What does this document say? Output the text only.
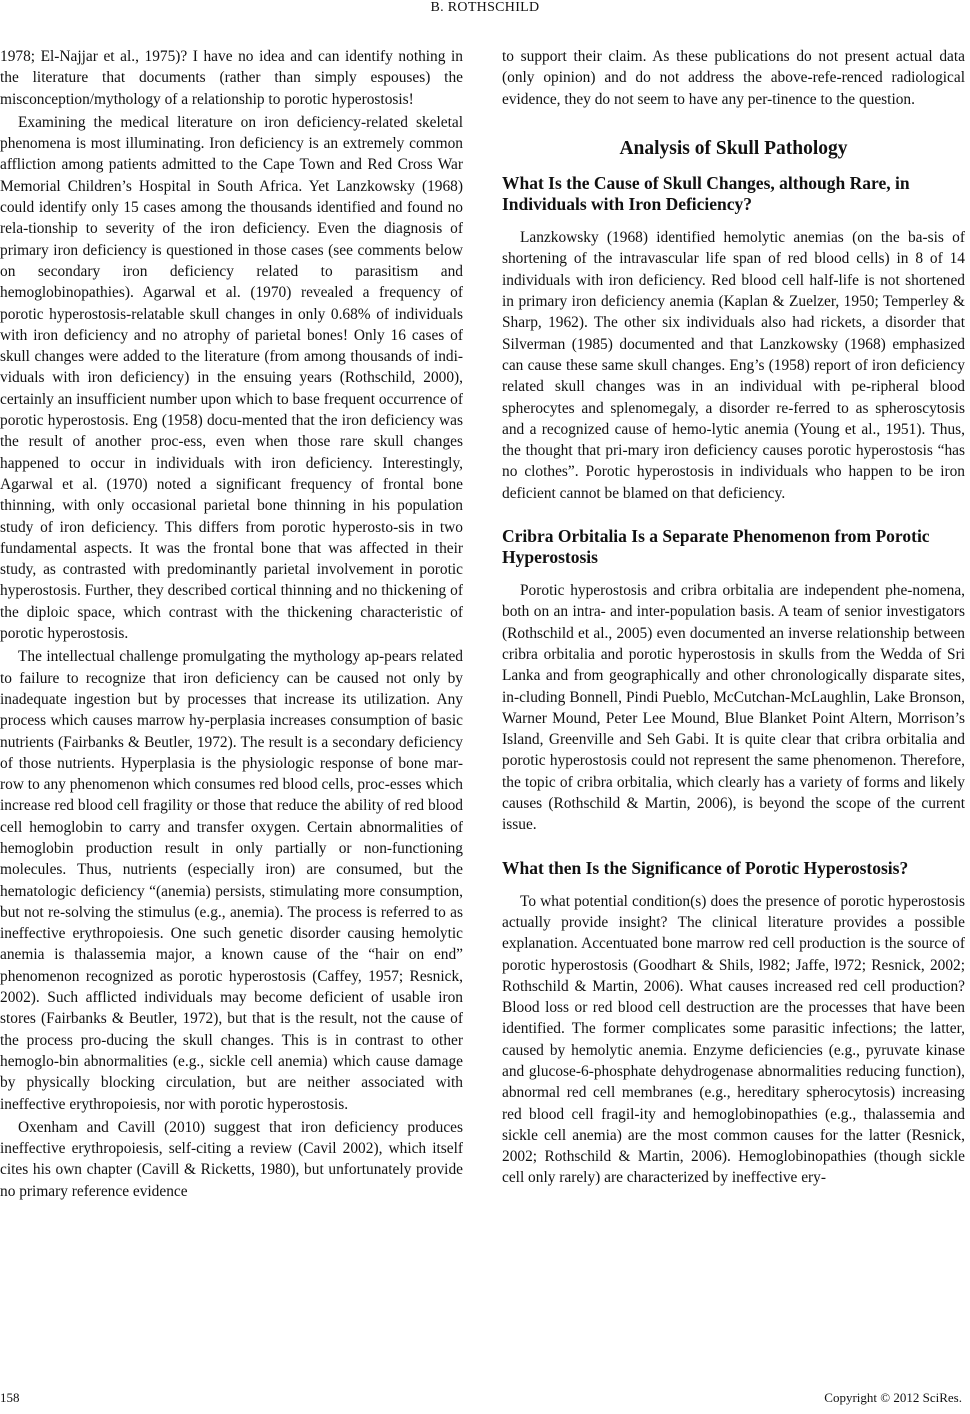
B. ROTHSCHILD

1978; El-Najjar et al., 1975)? I have no idea and can identify nothing in the literature that documents (rather than simply espouses) the misconception/mythology of a relationship to porotic hyperostosis!

Examining the medical literature on iron deficiency-related skeletal phenomena is most illuminating. Iron deficiency is an extremely common affliction among patients admitted to the Cape Town and Red Cross War Memorial Children’s Hospital in South Africa. Yet Lanzkowsky (1968) could identify only 15 cases among the thousands identified and found no rela-tionship to severity of the iron deficiency. Even the diagnosis of primary iron deficiency is questioned in those cases (see comments below on secondary iron deficiency related to parasitism and hemoglobinopathies). Agarwal et al. (1970) revealed a frequency of porotic hyperostosis-relatable skull changes in only 0.68% of individuals with iron deficiency and no atrophy of parietal bones! Only 16 cases of skull changes were added to the literature (from among thousands of indi-viduals with iron deficiency) in the ensuing years (Rothschild, 2000), certainly an insufficient number upon which to base frequent occurrence of porotic hyperostosis. Eng (1958) docu-mented that the iron deficiency was the result of another proc-ess, even when those rare skull changes happened to occur in individuals with iron deficiency. Interestingly, Agarwal et al. (1970) noted a significant frequency of frontal bone thinning, with only occasional parietal bone thinning in his population study of iron deficiency. This differs from porotic hyperosto-sis in two fundamental aspects. It was the frontal bone that was affected in their study, as contrasted with predominantly parietal involvement in porotic hyperostosis. Further, they described cortical thinning and no thickening of the diploic space, which contrast with the thickening characteristic of porotic hyperostosis.

The intellectual challenge promulgating the mythology ap-pears related to failure to recognize that iron deficiency can be caused not only by inadequate ingestion but by processes that increase its utilization. Any process which causes marrow hy-perplasia increases consumption of basic nutrients (Fairbanks & Beutler, 1972). The result is a secondary deficiency of those nutrients. Hyperplasia is the physiologic response of bone mar-row to any phenomenon which consumes red blood cells, proc-esses which increase red blood cell fragility or those that reduce the ability of red blood cell hemoglobin to carry and transfer oxygen. Certain abnormalities of hemoglobin production result in only partially or non-functioning molecules. Thus, nutrients (especially iron) are consumed, but the hematologic deficiency “(anemia) persists, stimulating more consumption, but not re-solving the stimulus (e.g., anemia). The process is referred to as ineffective erythropoiesis. One such genetic disorder causing hemolytic anemia is thalassemia major, a known cause of the “hair on end” phenomenon recognized as porotic hyperostosis (Caffey, 1957; Resnick, 2002). Such afflicted individuals may become deficient of usable iron stores (Fairbanks & Beutler, 1972), but that is the result, not the cause of the process pro-ducing the skull changes. This is in contrast to other hemoglo-bin abnormalities (e.g., sickle cell anemia) which cause damage by physically blocking circulation, but are neither associated with ineffective erythropoiesis, nor with porotic hyperostosis.

Oxenham and Cavill (2010) suggest that iron deficiency produces ineffective erythropoiesis, self-citing a review (Cavil 2002), which itself cites his own chapter (Cavill & Ricketts, 1980), but unfortunately provide no primary reference evidence

to support their claim. As these publications do not present actual data (only opinion) and do not address the above-refe-renced radiological evidence, they do not seem to have any per-tinence to the question.

Analysis of Skull Pathology
What Is the Cause of Skull Changes, although Rare, in Individuals with Iron Deficiency?

Lanzkowsky (1968) identified hemolytic anemias (on the ba-sis of shortening of the intravascular life span of red blood cells) in 8 of 14 individuals with iron deficiency. Red blood cell half-life is not shortened in primary iron deficiency anemia (Kaplan & Zuelzer, 1950; Temperley & Sharp, 1962). The other six individuals also had rickets, a disorder that Silverman (1985) documented and that Lanzkowsky (1968) emphasized can cause these same skull changes. Eng’s (1958) report of iron deficiency related skull changes was in an individual with pe-ripheral blood spherocytes and splenomegaly, a disorder re-ferred to as spheroscytosis and a recognized cause of hemo-lytic anemia (Young et al., 1951). Thus, the thought that pri-mary iron deficiency causes porotic hyperostosis “has no clothes”. Porotic hyperostosis in individuals who happen to be iron deficient cannot be blamed on that deficiency.

Cribra Orbitalia Is a Separate Phenomenon from Porotic Hyperostosis

Porotic hyperostosis and cribra orbitalia are independent phe-nomena, both on an intra- and inter-population basis. A team of senior investigators (Rothschild et al., 2005) even documented an inverse relationship between cribra orbitalia and porotic hyperostosis in skulls from the Wedda of Sri Lanka and from geographically and other chronologically disparate sites, in-cluding Bonnell, Pindi Pueblo, McCutchan-McLaughlin, Lake Bronson, Warner Mound, Peter Lee Mound, Blue Blanket Point Altern, Morrison’s Island, Greenville and Seh Gabi. It is quite clear that cribra orbitalia and porotic hyperostosis could not represent the same phenomenon. Therefore, the topic of cribra orbitalia, which clearly has a variety of forms and likely causes (Rothschild & Martin, 2006), is beyond the scope of the current issue.

What then Is the Significance of Porotic Hyperostosis?

To what potential condition(s) does the presence of porotic hyperostosis actually provide insight? The clinical literature provides a possible explanation. Accentuated bone marrow red cell production is the source of porotic hyperostosis (Goodhart & Shils, l982; Jaffe, l972; Resnick, 2002; Rothschild & Martin, 2006). What causes increased red cell production? Blood loss or red blood cell destruction are the processes that have been identified. The former complicates some parasitic infections; the latter, caused by hemolytic anemia. Enzyme deficiencies (e.g., pyruvate kinase and glucose-6-phosphate dehydrogenase abnormalities reducing function), abnormal red cell membranes (e.g., hereditary spherocytosis) increasing red blood cell fragil-ity and hemoglobinopathies (e.g., thalassemia and sickle cell anemia) are the most common causes for the latter (Resnick, 2002; Rothschild & Martin, 2006). Hemoglobinopathies (though sickle cell only rarely) are characterized by ineffective ery-

158	Copyright © 2012 SciRes.
